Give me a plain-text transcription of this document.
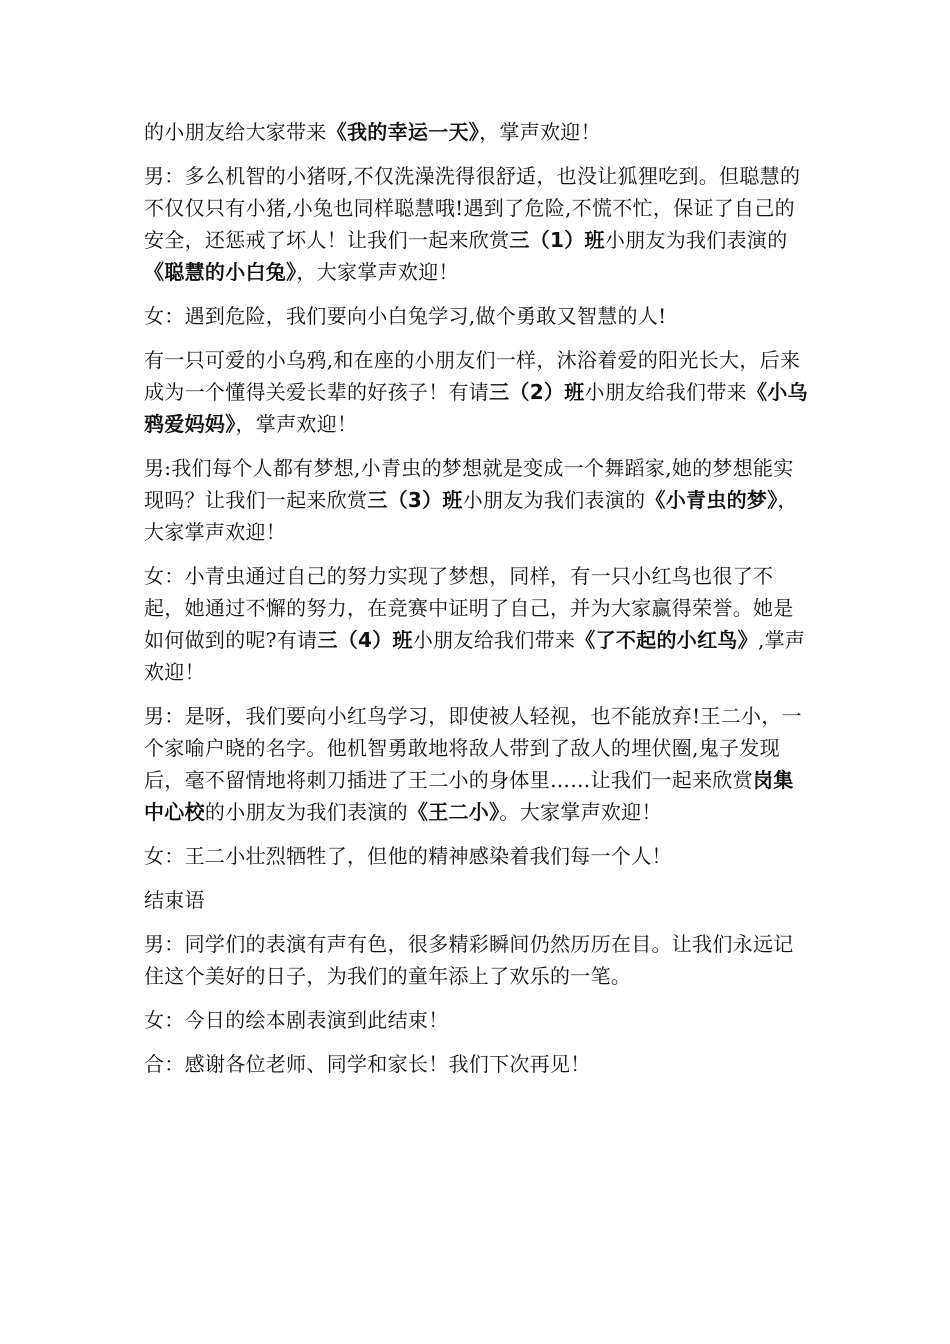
的小朋友给大家带来《我的幸运一天》，掌声欢迎！

男：多么机智的小猪呀,不仅洗澡洗得很舒适，也没让狐狸吃到。但聪慧的不仅仅只有小猪,小兔也同样聪慧哦!遇到了危险,不慌不忙，保证了自己的安全，还惩戒了坏人！让我们一起来欣赏三（1）班小朋友为我们表演的《聪慧的小白兔》，大家掌声欢迎！

女：遇到危险，我们要向小白兔学习,做个勇敢又智慧的人!

有一只可爱的小乌鸦,和在座的小朋友们一样，沐浴着爱的阳光长大，后来成为一个懂得关爱长辈的好孩子！有请三（2）班小朋友给我们带来《小乌鸦爱妈妈》，掌声欢迎！

男:我们每个人都有梦想,小青虫的梦想就是变成一个舞蹈家,她的梦想能实现吗？让我们一起来欣赏三（3）班小朋友为我们表演的《小青虫的梦》，大家掌声欢迎！

女：小青虫通过自己的努力实现了梦想，同样，有一只小红鸟也很了不起，她通过不懈的努力，在竞赛中证明了自己，并为大家赢得荣誉。她是如何做到的呢?有请三（4）班小朋友给我们带来《了不起的小红鸟》,掌声欢迎！

男：是呀，我们要向小红鸟学习，即使被人轻视，也不能放弃!王二小，一个家喻户晓的名字。他机智勇敢地将敌人带到了敌人的埋伏圈,鬼子发现后，毫不留情地将刺刀插进了王二小的身体里……让我们一起来欣赏岗集中心校的小朋友为我们表演的《王二小》。大家掌声欢迎！

女：王二小壮烈牺牲了，但他的精神感染着我们每一个人！

结束语

男：同学们的表演有声有色，很多精彩瞬间仍然历历在目。让我们永远记住这个美好的日子，为我们的童年添上了欢乐的一笔。

女：今日的绘本剧表演到此结束！

合：感谢各位老师、同学和家长！我们下次再见！
